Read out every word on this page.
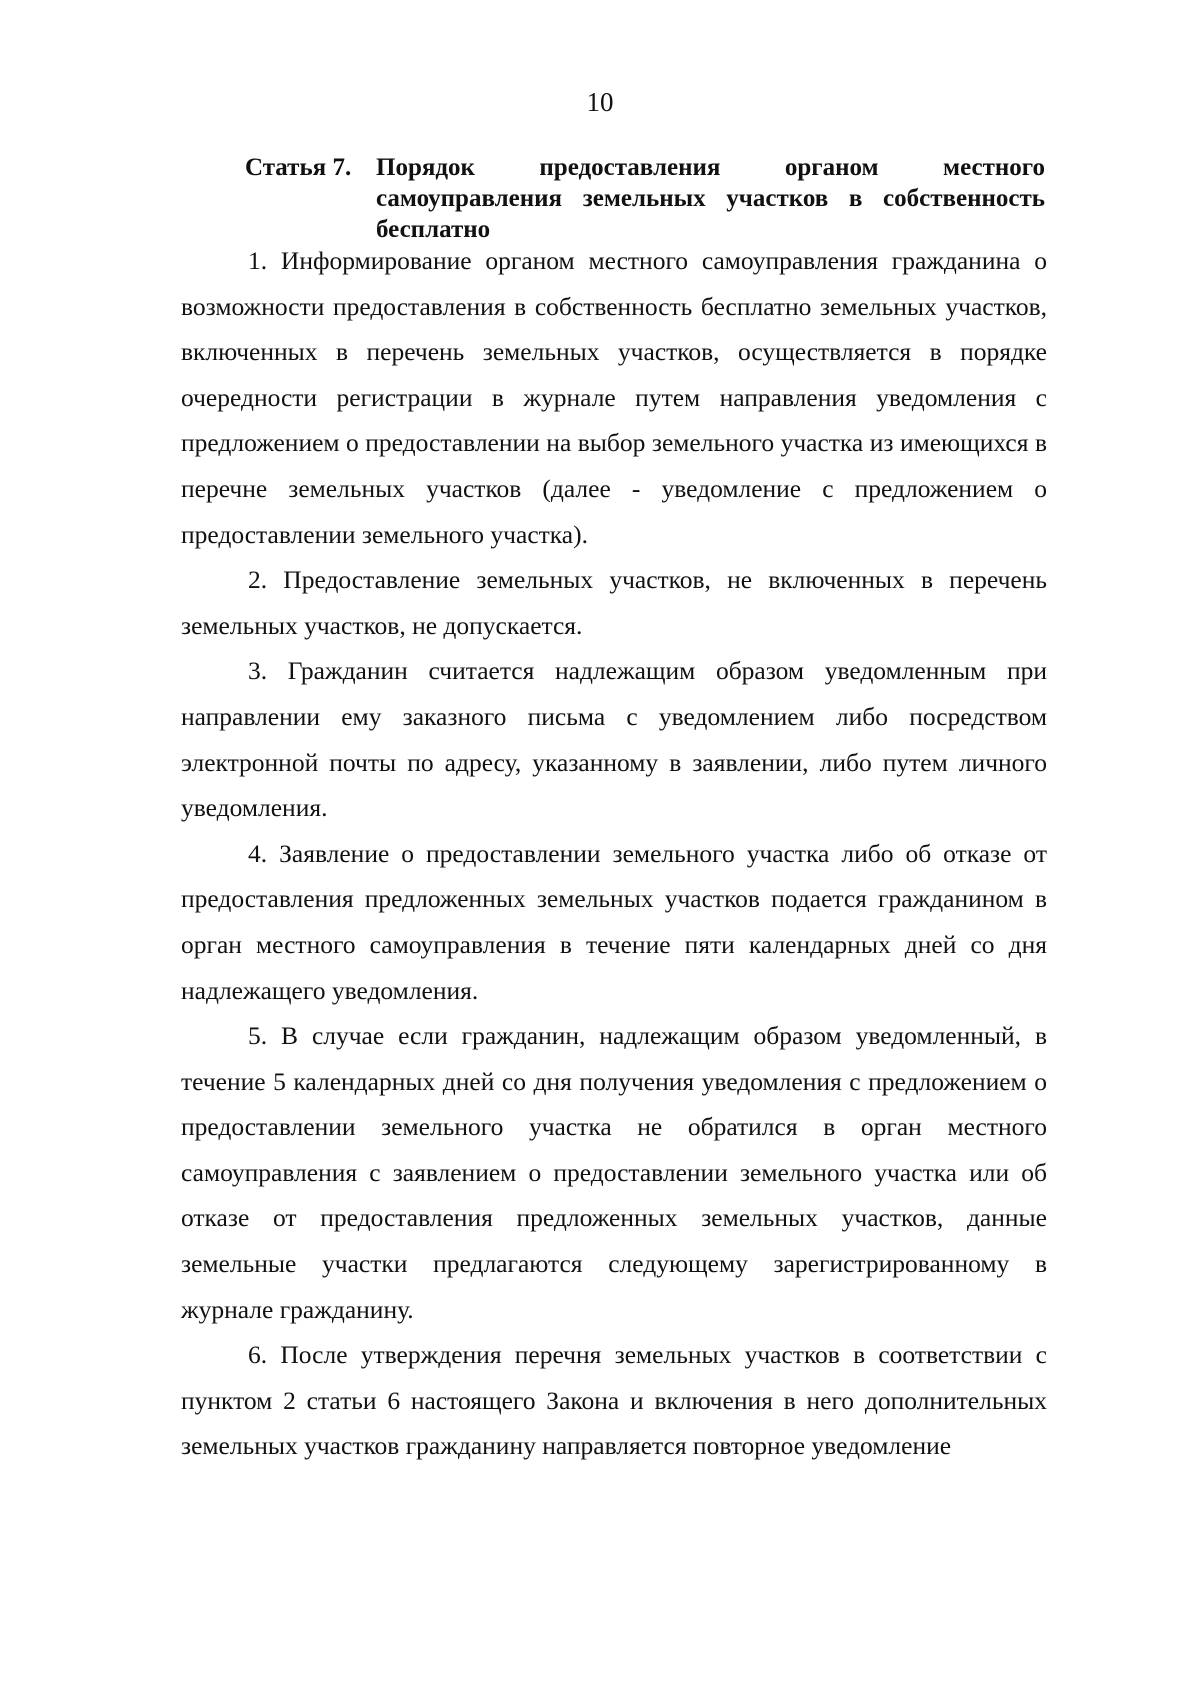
10
Статья 7. Порядок предоставления органом местного самоуправления земельных участков в собственность бесплатно

1. Информирование органом местного самоуправления гражданина о возможности предоставления в собственность бесплатно земельных участков, включенных в перечень земельных участков, осуществляется в порядке очередности регистрации в журнале путем направления уведомления с предложением о предоставлении на выбор земельного участка из имеющихся в перечне земельных участков (далее - уведомление с предложением о предоставлении земельного участка).

2. Предоставление земельных участков, не включенных в перечень земельных участков, не допускается.

3. Гражданин считается надлежащим образом уведомленным при направлении ему заказного письма с уведомлением либо посредством электронной почты по адресу, указанному в заявлении, либо путем личного уведомления.

4. Заявление о предоставлении земельного участка либо об отказе от предоставления предложенных земельных участков подается гражданином в орган местного самоуправления в течение пяти календарных дней со дня надлежащего уведомления.

5. В случае если гражданин, надлежащим образом уведомленный, в течение 5 календарных дней со дня получения уведомления с предложением о предоставлении земельного участка не обратился в орган местного самоуправления с заявлением о предоставлении земельного участка или об отказе от предоставления предложенных земельных участков, данные земельные участки предлагаются следующему зарегистрированному в журнале гражданину.

6. После утверждения перечня земельных участков в соответствии с пунктом 2 статьи 6 настоящего Закона и включения в него дополнительных земельных участков гражданину направляется повторное уведомление
